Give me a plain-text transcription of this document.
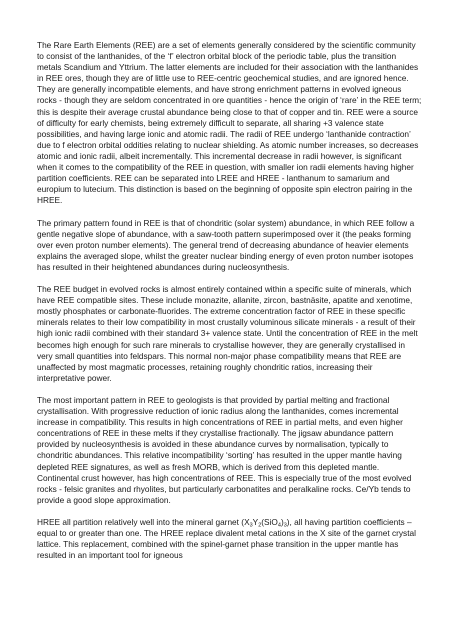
The Rare Earth Elements (REE) are a set of elements generally considered by the scientific community to consist of the lanthanides, of the ‘f’ electron orbital block of the periodic table, plus the transition metals Scandium and Yttrium. The latter elements are included for their association with the lanthanides in REE ores, though they are of little use to REE-centric geochemical studies, and are ignored hence. They are generally incompatible elements, and have strong enrichment patterns in evolved igneous rocks - though they are seldom concentrated in ore quantities - hence the origin of ‘rare’ in the REE term; this is despite their average crustal abundance being close to that of copper and tin. REE were a source of difficulty for early chemists, being extremely difficult to separate, all sharing +3 valence state possibilities, and having large ionic and atomic radii. The radii of REE undergo ‘lanthanide contraction’ due to f electron orbital oddities relating to nuclear shielding. As atomic number increases, so decreases atomic and ionic radii, albeit incrementally. This incremental decrease in radii however, is significant when it comes to the compatibility of the REE in question, with smaller ion radii elements having higher partition coefficients. REE can be separated into LREE and HREE - lanthanum to samarium and europium to lutecium. This distinction is based on the beginning of opposite spin electron pairing in the HREE.

The primary pattern found in REE is that of chondritic (solar system) abundance, in which REE follow a gentle negative slope of abundance, with a saw-tooth pattern superimposed over it (the peaks forming over even proton number elements). The general trend of decreasing abundance of heavier elements explains the averaged slope, whilst the greater nuclear binding energy of even proton number isotopes has resulted in their heightened abundances during nucleosynthesis.

The REE budget in evolved rocks is almost entirely contained within a specific suite of minerals, which have REE compatible sites. These include monazite, allanite, zircon, bastnäsite, apatite and xenotime, mostly phosphates or carbonate-fluorides. The extreme concentration factor of REE in these specific minerals relates to their low compatibility in most crustally voluminous silicate minerals - a result of their high ionic radii combined with their standard 3+ valence state. Until the concentration of REE in the melt becomes high enough for such rare minerals to crystallise however, they are generally crystallised in very small quantities into feldspars. This normal non-major phase compatibility means that REE are unaffected by most magmatic processes, retaining roughly chondritic ratios, increasing their interpretative power.

The most important pattern in REE to geologists is that provided by partial melting and fractional crystallisation. With progressive reduction of ionic radius along the lanthanides, comes incremental increase in compatibility. This results in high concentrations of REE in partial melts, and even higher concentrations of REE in these melts if they crystallise fractionally. The jigsaw abundance pattern provided by nucleosynthesis is avoided in these abundance curves by normalisation, typically to chondritic abundances. This relative incompatibility ‘sorting’ has resulted in the upper mantle having depleted REE signatures, as well as fresh MORB, which is derived from this depleted mantle. Continental crust however, has high concentrations of REE. This is especially true of the most evolved rocks - felsic granites and rhyolites, but particularly carbonatites and peralkaline rocks. Ce/Yb tends to provide a good slope approximation.

HREE all partition relatively well into the mineral garnet $(X_3Y_2(SiO_4)_3)$, all having partition coefficients – equal to or greater than one. The HREE replace divalent metal cations in the X site of the garnet crystal lattice. This replacement, combined with the spinel-garnet phase transition in the upper mantle has resulted in an important tool for igneous
